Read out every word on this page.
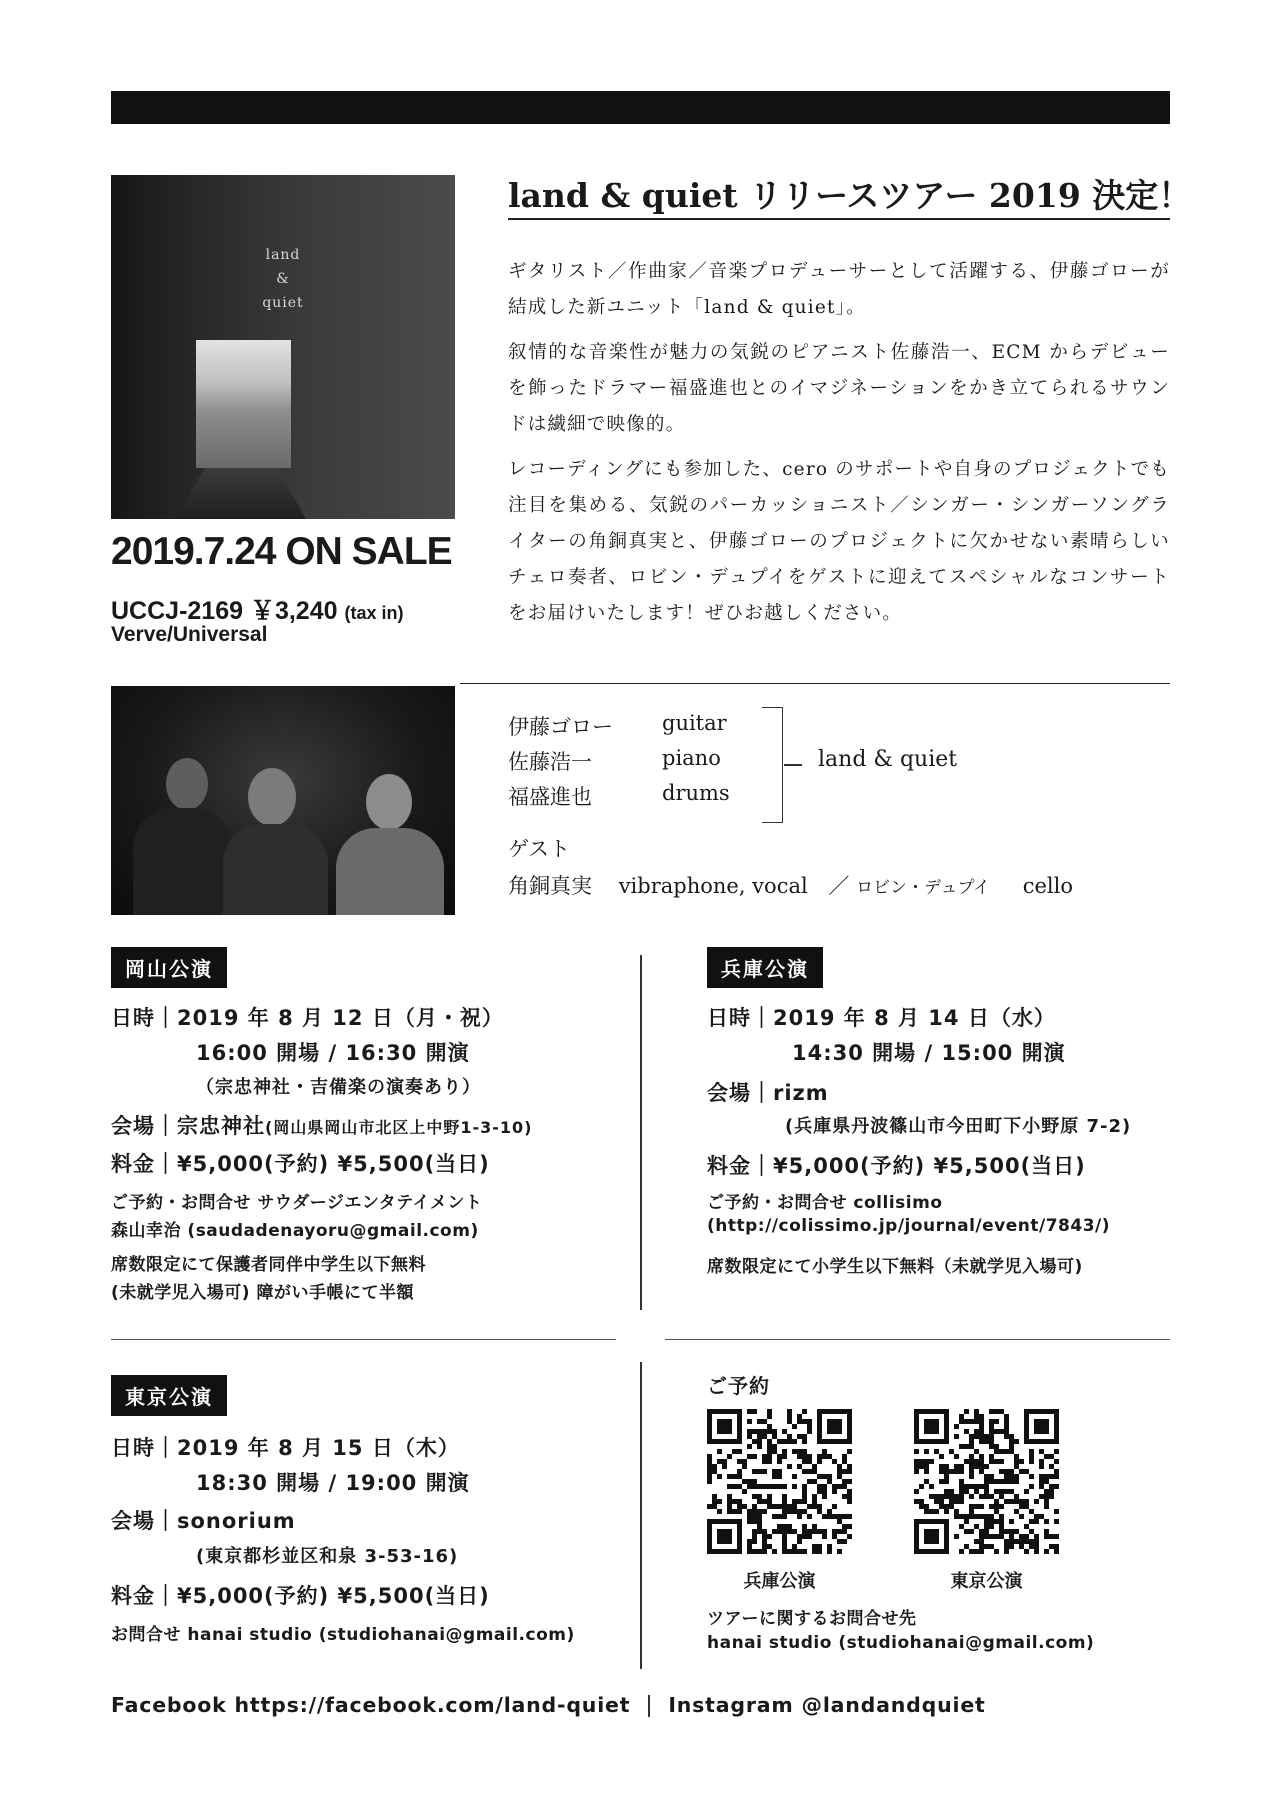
land
&
quiet
2019.7.24 ON SALE
UCCJ-2169 ￥3,240 (tax in)
Verve/Universal
land & quiet リリースツアー 2019 決定！
ギタリスト／作曲家／音楽プロデューサーとして活躍する、伊藤ゴローが結成した新ユニット「land & quiet」。
叙情的な音楽性が魅力の気鋭のピアニスト佐藤浩一、ECM からデビューを飾ったドラマー福盛進也とのイマジネーションをかき立てられるサウンドは繊細で映像的。
レコーディングにも参加した、cero のサポートや自身のプロジェクトでも注目を集める、気鋭のパーカッショニスト／シンガー・シンガーソングライターの角銅真実と、伊藤ゴローのプロジェクトに欠かせない素晴らしいチェロ奏者、ロビン・デュプイをゲストに迎えてスペシャルなコンサートをお届けいたします！ぜひお越しください。
伊藤ゴロー guitar
佐藤浩一	piano
福盛進也	drums
land & quiet
ゲスト
角銅真実 vibraphone, vocal ／ ロビン・デュプイ cello
岡山公演
日時｜2019 年 8 月 12 日（月・祝）
16:00 開場 / 16:30 開演
（宗忠神社・吉備楽の演奏あり）
会場｜宗忠神社(岡山県岡山市北区上中野1-3-10)
料金｜¥5,000(予約) ¥5,500(当日)
ご予約・お問合せ サウダージエンタテイメント
森山幸治 (saudadenayoru@gmail.com)
席数限定にて保護者同伴中学生以下無料
(未就学児入場可) 障がい手帳にて半額
兵庫公演
日時｜2019 年 8 月 14 日（水）
14:30 開場 / 15:00 開演
会場｜rizm
(兵庫県丹波篠山市今田町下小野原 7-2)
料金｜¥5,000(予約) ¥5,500(当日)
ご予約・お問合せ collisimo
(http://colissimo.jp/journal/event/7843/)
席数限定にて小学生以下無料（未就学児入場可)
東京公演
日時｜2019 年 8 月 15 日（木）
18:30 開場 / 19:00 開演
会場｜sonorium
(東京都杉並区和泉 3-53-16)
料金｜¥5,000(予約) ¥5,500(当日)
お問合せ hanai studio (studiohanai@gmail.com)
ご予約
兵庫公演	東京公演
ツアーに関するお問合せ先
hanai studio (studiohanai@gmail.com)
Facebook https://facebook.com/land-quiet Instagram @landandquiet
